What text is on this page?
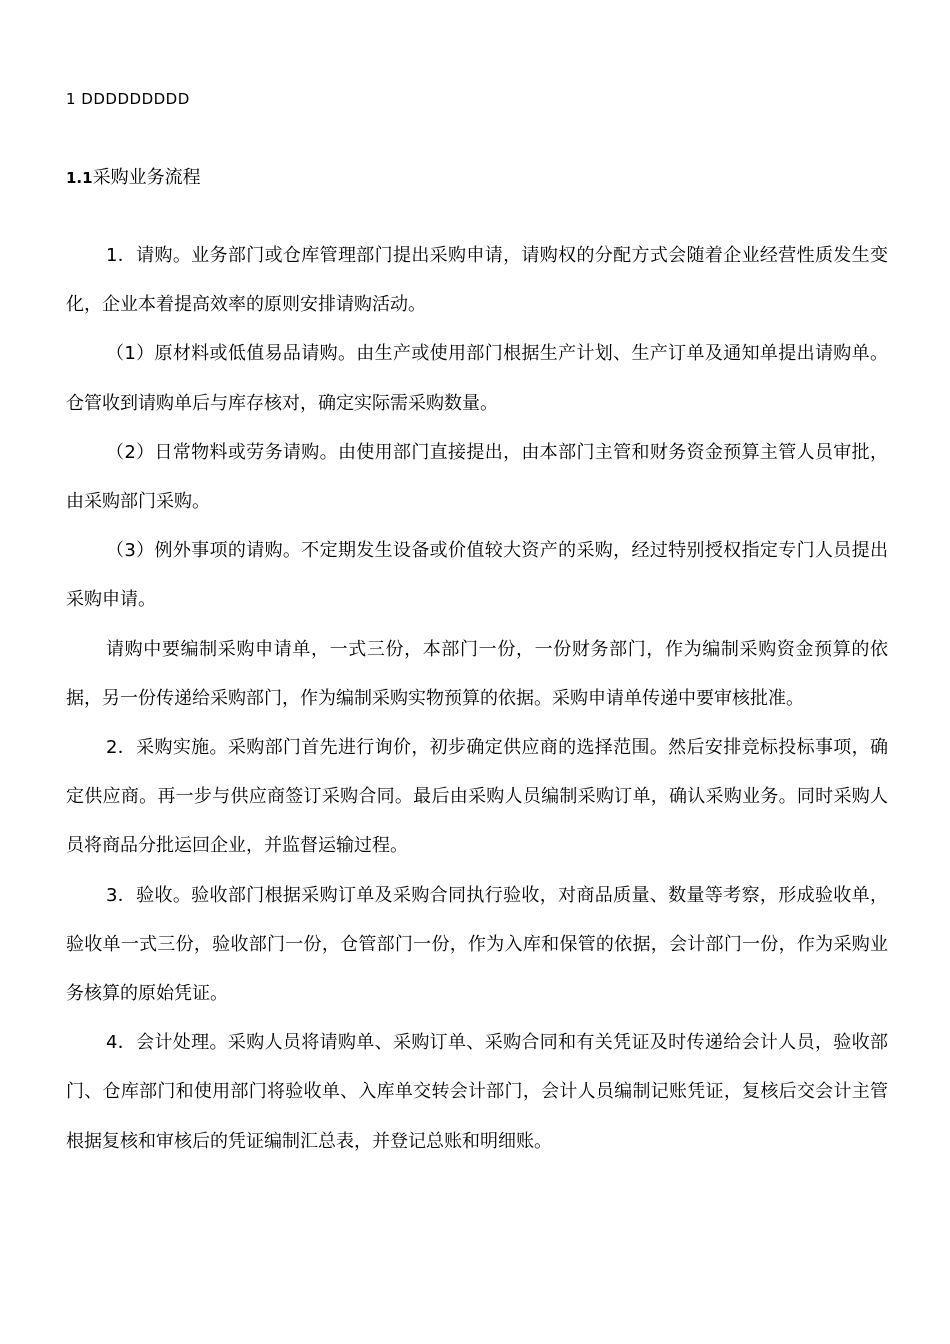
1 DDDDDDDDD
1.1采购业务流程

1．请购。业务部门或仓库管理部门提出采购申请，请购权的分配方式会随着企业经营性质发生变化，企业本着提高效率的原则安排请购活动。

（1）原材料或低值易品请购。由生产或使用部门根据生产计划、生产订单及通知单提出请购单。仓管收到请购单后与库存核对，确定实际需采购数量。

（2）日常物料或劳务请购。由使用部门直接提出，由本部门主管和财务资金预算主管人员审批，由采购部门采购。

（3）例外事项的请购。不定期发生设备或价值较大资产的采购，经过特别授权指定专门人员提出采购申请。

请购中要编制采购申请单，一式三份，本部门一份，一份财务部门，作为编制采购资金预算的依据，另一份传递给采购部门，作为编制采购实物预算的依据。采购申请单传递中要审核批准。

2．采购实施。采购部门首先进行询价，初步确定供应商的选择范围。然后安排竞标投标事项，确定供应商。再一步与供应商签订采购合同。最后由采购人员编制采购订单，确认采购业务。同时采购人员将商品分批运回企业，并监督运输过程。

3．验收。验收部门根据采购订单及采购合同执行验收，对商品质量、数量等考察，形成验收单，验收单一式三份，验收部门一份，仓管部门一份，作为入库和保管的依据，会计部门一份，作为采购业务核算的原始凭证。

4．会计处理。采购人员将请购单、采购订单、采购合同和有关凭证及时传递给会计人员，验收部门、仓库部门和使用部门将验收单、入库单交转会计部门，会计人员编制记账凭证，复核后交会计主管根据复核和审核后的凭证编制汇总表，并登记总账和明细账。
